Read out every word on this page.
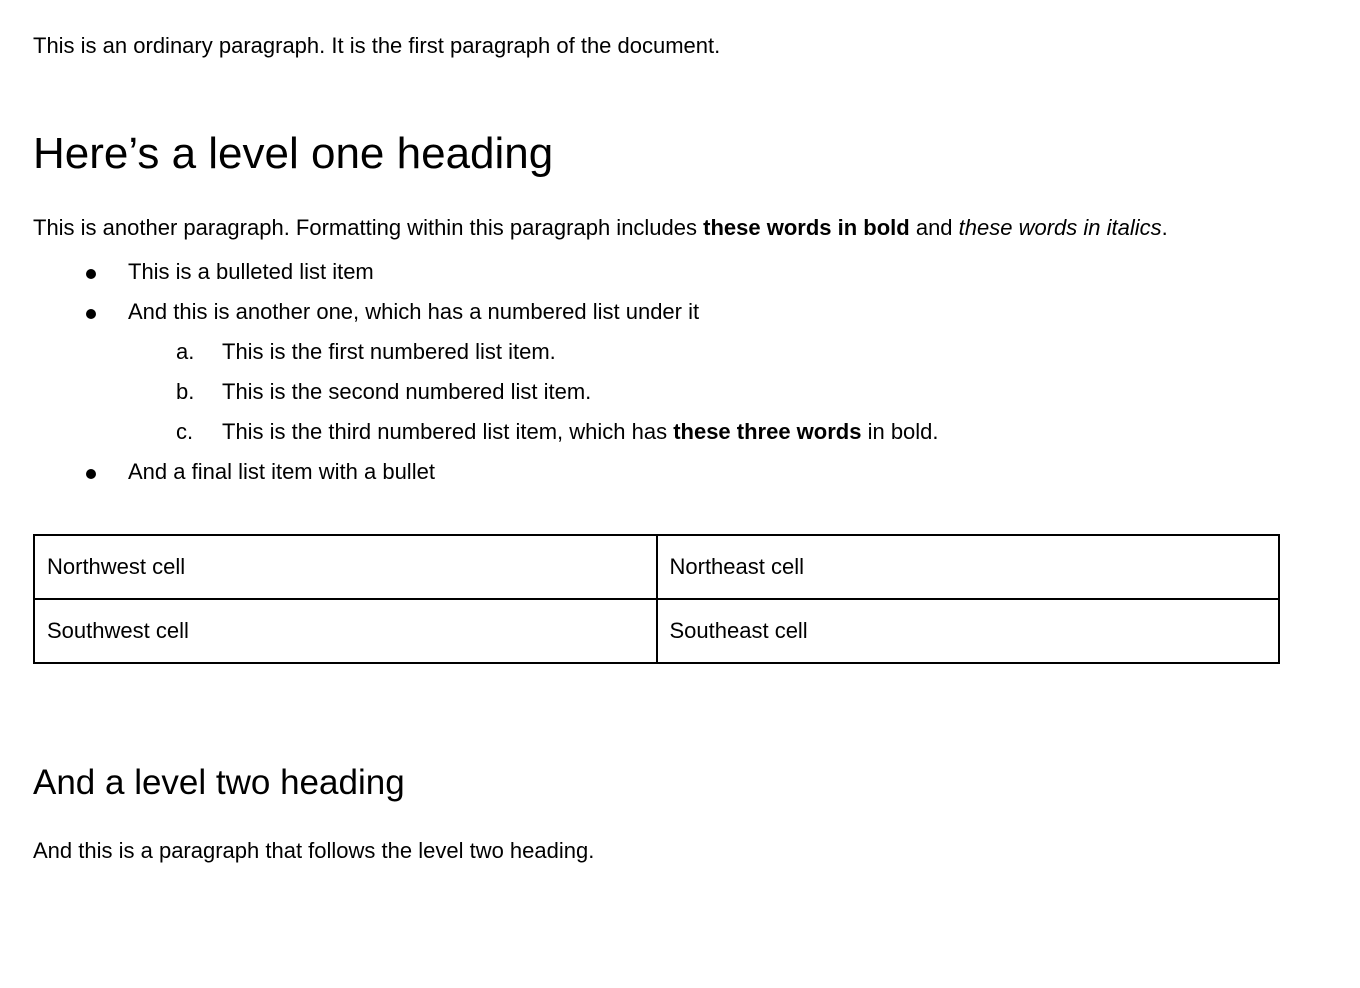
This is an ordinary paragraph. It is the first paragraph of the document.

Here’s a level one heading

This is another paragraph. Formatting within this paragraph includes these words in bold and these words in italics.

This is a bulleted list item
And this is another one, which has a numbered list under it
a. This is the first numbered list item.
b. This is the second numbered list item.
c. This is the third numbered list item, which has these three words in bold.
And a final list item with a bullet
Northwest cell	Northeast cell
Southwest cell	Southeast cell
And a level two heading

And this is a paragraph that follows the level two heading.
